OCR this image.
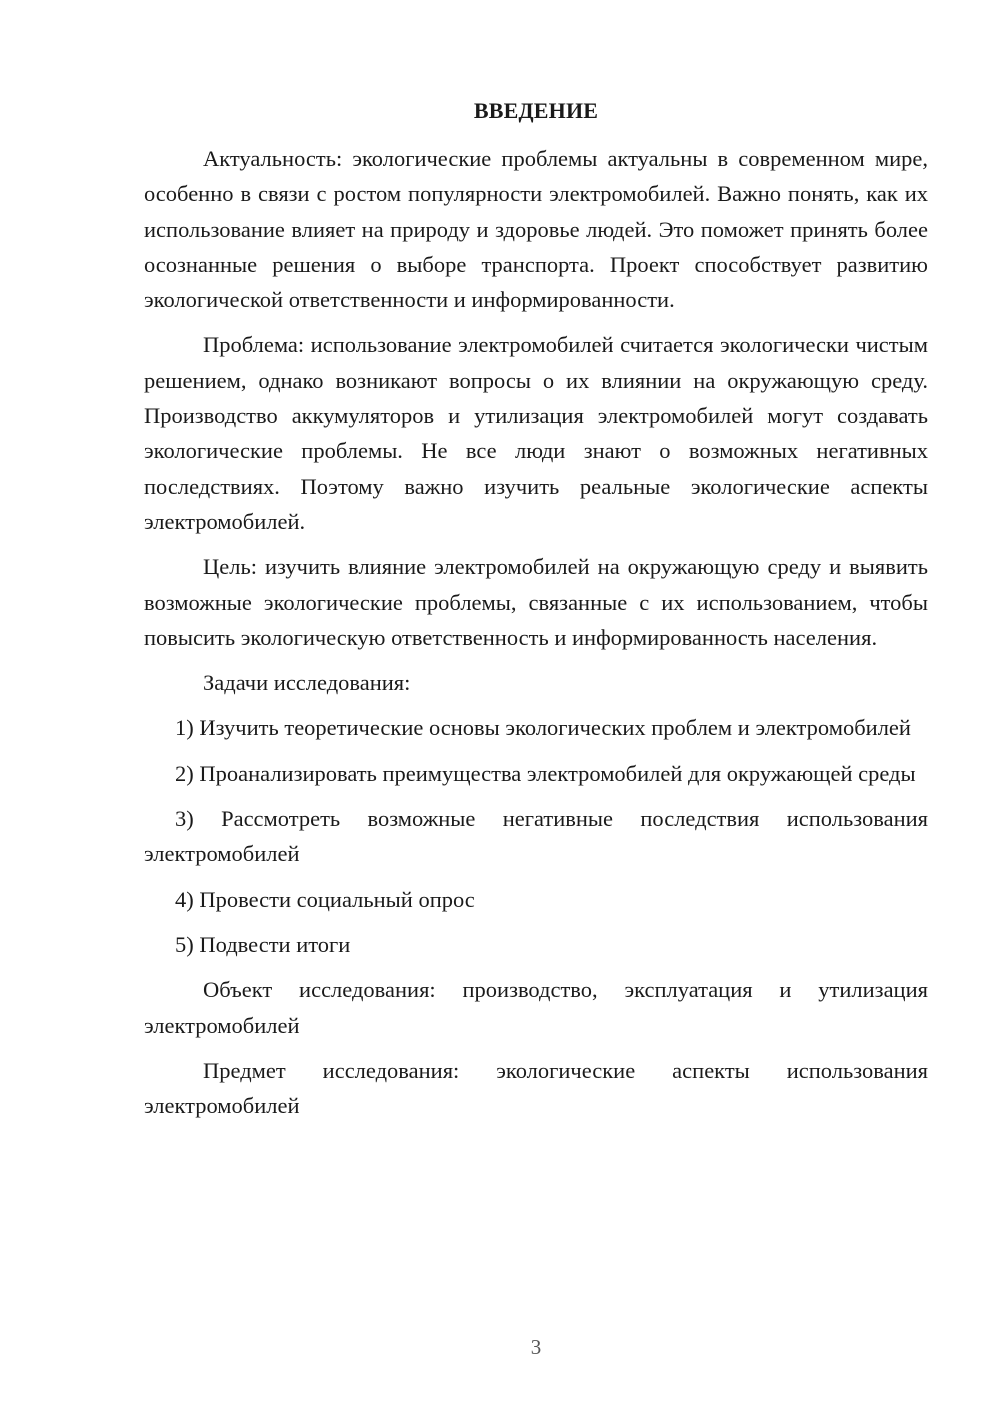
ВВЕДЕНИЕ

Актуальность: экологические проблемы актуальны в современном мире, особенно в связи с ростом популярности электромобилей. Важно понять, как их использование влияет на природу и здоровье людей. Это поможет принять более осознанные решения о выборе транспорта. Проект способствует развитию экологической ответственности и информированности.

Проблема: использование электромобилей считается экологически чистым решением, однако возникают вопросы о их влиянии на окружающую среду. Производство аккумуляторов и утилизация электромобилей могут создавать экологические проблемы. Не все люди знают о возможных негативных последствиях. Поэтому важно изучить реальные экологические аспекты электромобилей.

Цель: изучить влияние электромобилей на окружающую среду и выявить возможные экологические проблемы, связанные с их использованием, чтобы повысить экологическую ответственность и информированность населения.

Задачи исследования:

1) Изучить теоретические основы экологических проблем и электромобилей

2) Проанализировать преимущества электромобилей для окружающей среды

3) Рассмотреть возможные негативные последствия использования электромобилей

4) Провести социальный опрос

5) Подвести итоги

Объект исследования: производство, эксплуатация и утилизация электромобилей

Предмет исследования: экологические аспекты использования электромобилей

3
